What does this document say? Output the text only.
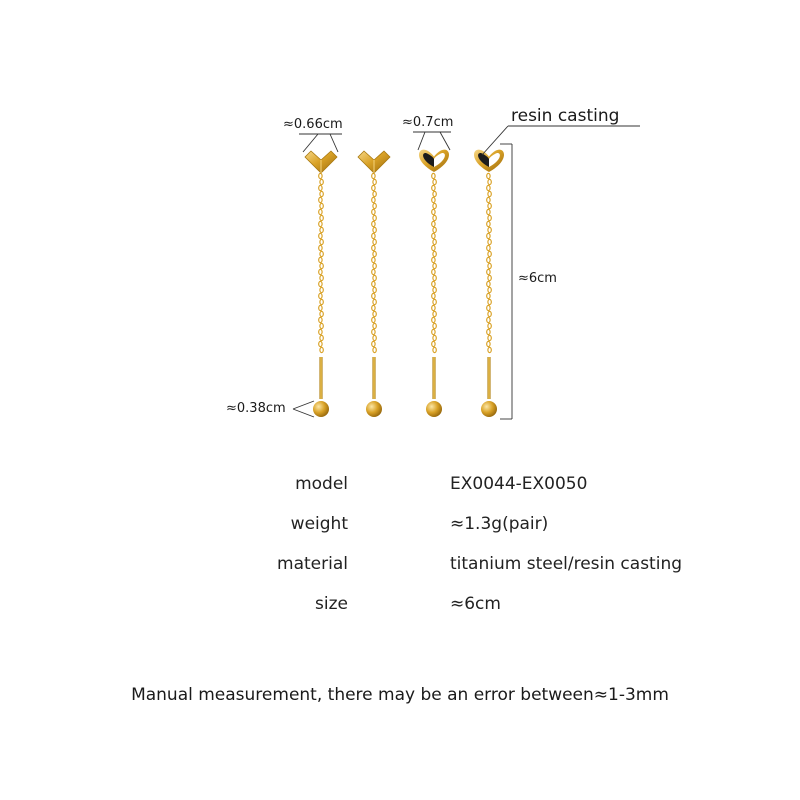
≈0.66cm	≈0.7cm
≈0.38cm
≈6cm
resin casting
model	EX0044-EX0050
weight	≈1.3g(pair)
material	titanium steel/resin casting
size	≈6cm
Manual measurement, there may be an error between≈1-3mm
